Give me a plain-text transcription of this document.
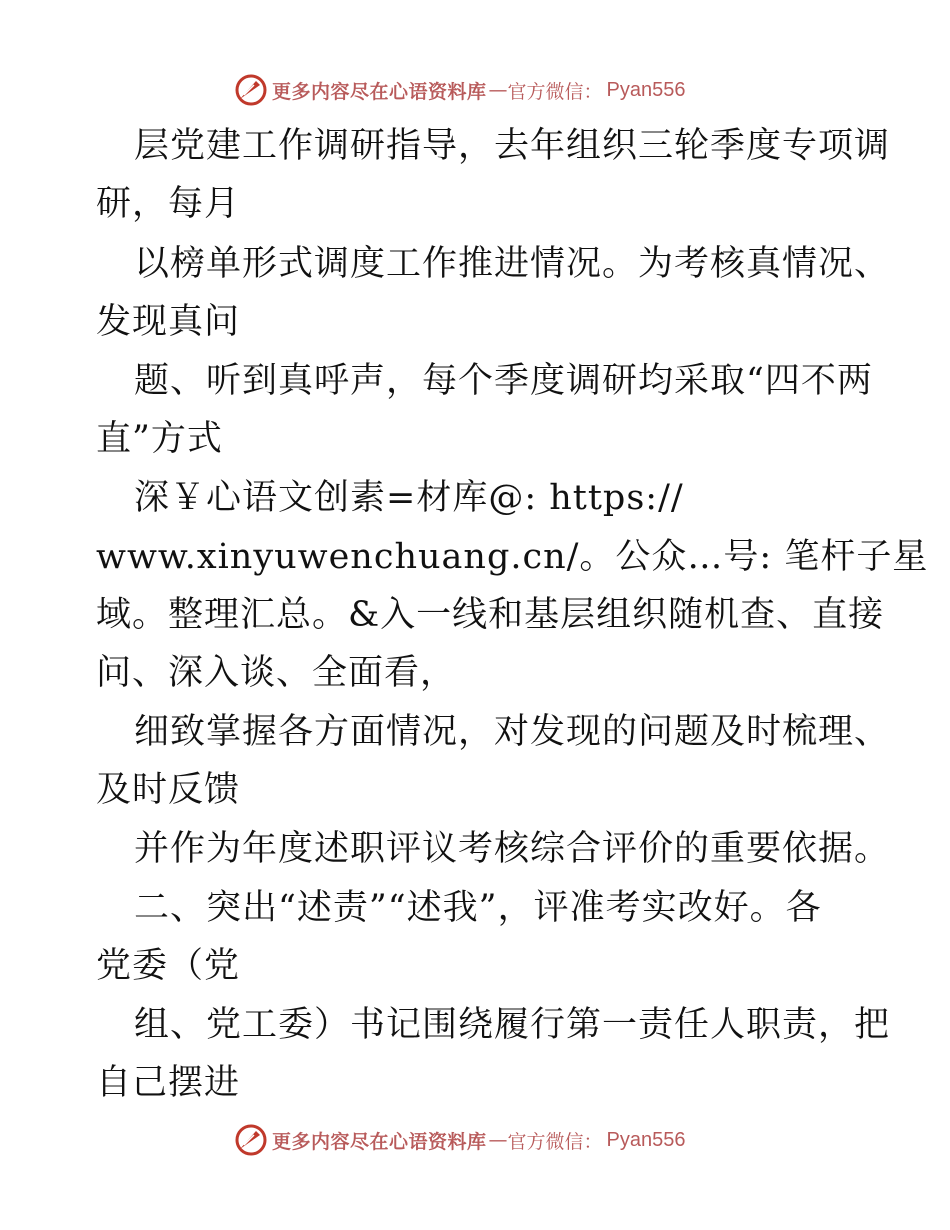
更多内容尽在心语资料库 — 官方微信： Pyan556
层党建工作调研指导，去年组织三轮季度专项调
研，每月
以榜单形式调度工作推进情况。为考核真情况、
发现真问
题、听到真呼声，每个季度调研均采取“四不两
直”方式
深￥心语文创素=材库@: https://
www.xinyuwenchuang.cn/。公众…号: 笔杆子星
域。整理汇总。&入一线和基层组织随机查、直接
问、深入谈、全面看，
细致掌握各方面情况，对发现的问题及时梳理、
及时反馈
并作为年度述职评议考核综合评价的重要依据。
二、突出“述责”“述我”，评准考实改好。各
党委（党
组、党工委）书记围绕履行第一责任人职责，把
自己摆进
更多内容尽在心语资料库 — 官方微信： Pyan556
